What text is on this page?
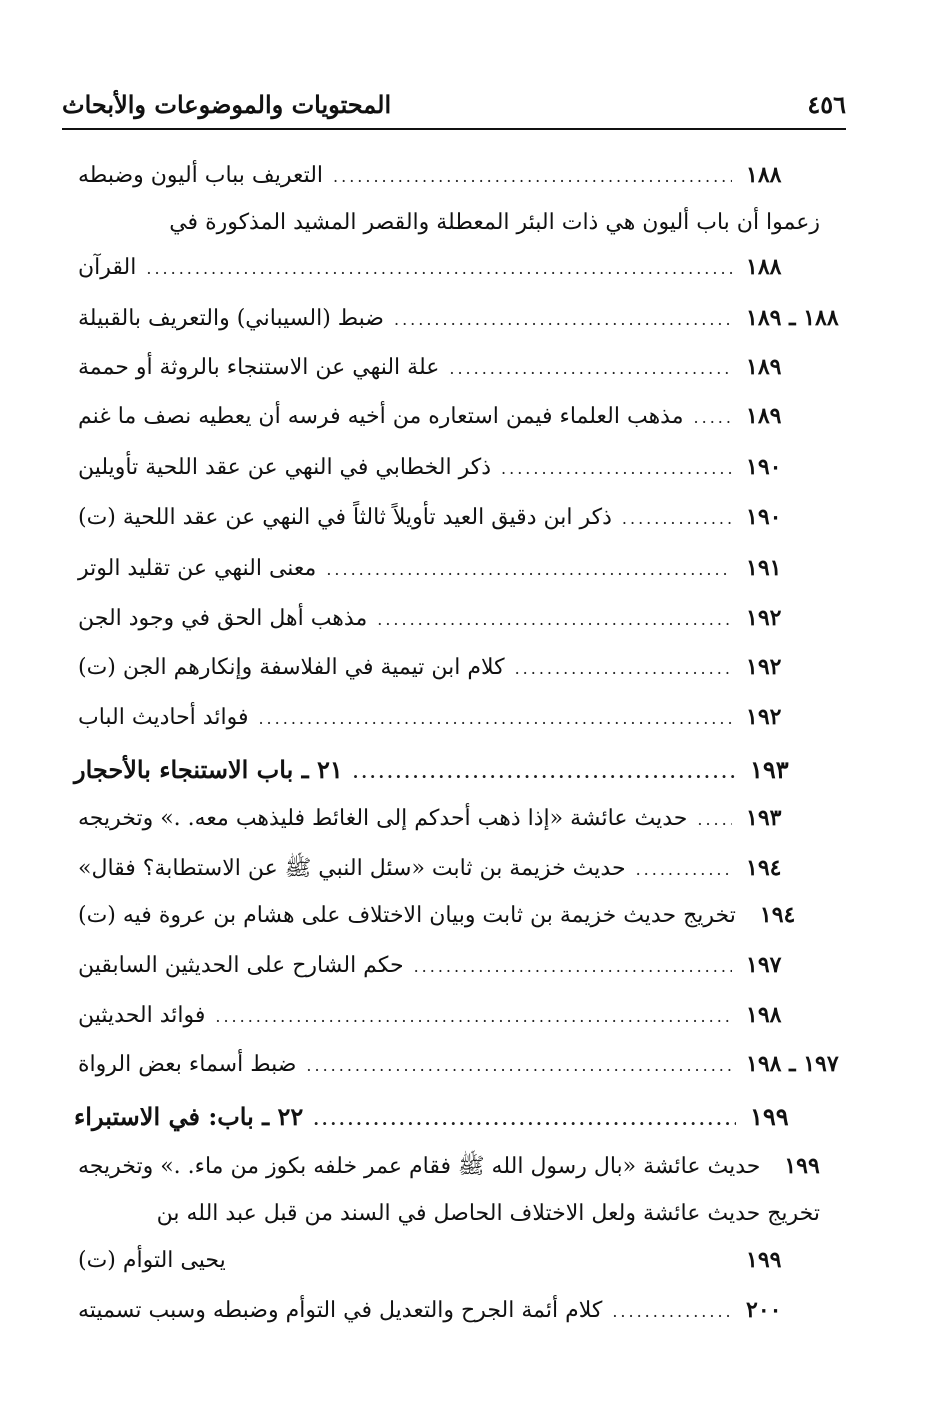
٤٥٦
المحتويات والموضوعات والأبحاث
التعريف بباب أليون وضبطه .....	١٨٨
زعموا أن باب أليون هي ذات البئر المعطلة والقصر المشيد المذكورة في
القرآن .....	١٨٨
ضبط (السيباني) والتعريف بالقبيلة .....	١٨٨ ـ ١٨٩
علة النهي عن الاستنجاء بالروثة أو حممة .....	١٨٩
مذهب العلماء فيمن استعاره من أخيه فرسه أن يعطيه نصف ما غنم .....	١٨٩
ذكر الخطابي في النهي عن عقد اللحية تأويلين .....	١٩٠
ذكر ابن دقيق العيد تأويلاً ثالثاً في النهي عن عقد اللحية (ت) .....	١٩٠
معنى النهي عن تقليد الوتر .....	١٩١
مذهب أهل الحق في وجود الجن .....	١٩٢
كلام ابن تيمية في الفلاسفة وإنكارهم الجن (ت) .....	١٩٢
فوائد أحاديث الباب .....	١٩٢
٢١ ـ باب الاستنجاء بالأحجار .....	١٩٣
حديث عائشة «إذا ذهب أحدكم إلى الغائط فليذهب معه. .» وتخريجه .....	١٩٣
حديث خزيمة بن ثابت «سئل النبي ﷺ عن الاستطابة؟ فقال» .....	١٩٤
تخريج حديث خزيمة بن ثابت وبيان الاختلاف على هشام بن عروة فيه (ت) ١٩٤
حكم الشارح على الحديثين السابقين .....	١٩٧
فوائد الحديثين .....	١٩٨
ضبط أسماء بعض الرواة .....	١٩٧ ـ ١٩٨
٢٢ ـ باب: في الاستبراء .....	١٩٩
حديث عائشة «بال رسول الله ﷺ فقام عمر خلفه بكوز من ماء. .» وتخريجه ١٩٩
تخريج حديث عائشة ولعل الاختلاف الحاصل في السند من قبل عبد الله بن
يحيى التوأم (ت)	١٩٩
كلام أئمة الجرح والتعديل في التوأم وضبطه وسبب تسميته .....	٢٠٠
